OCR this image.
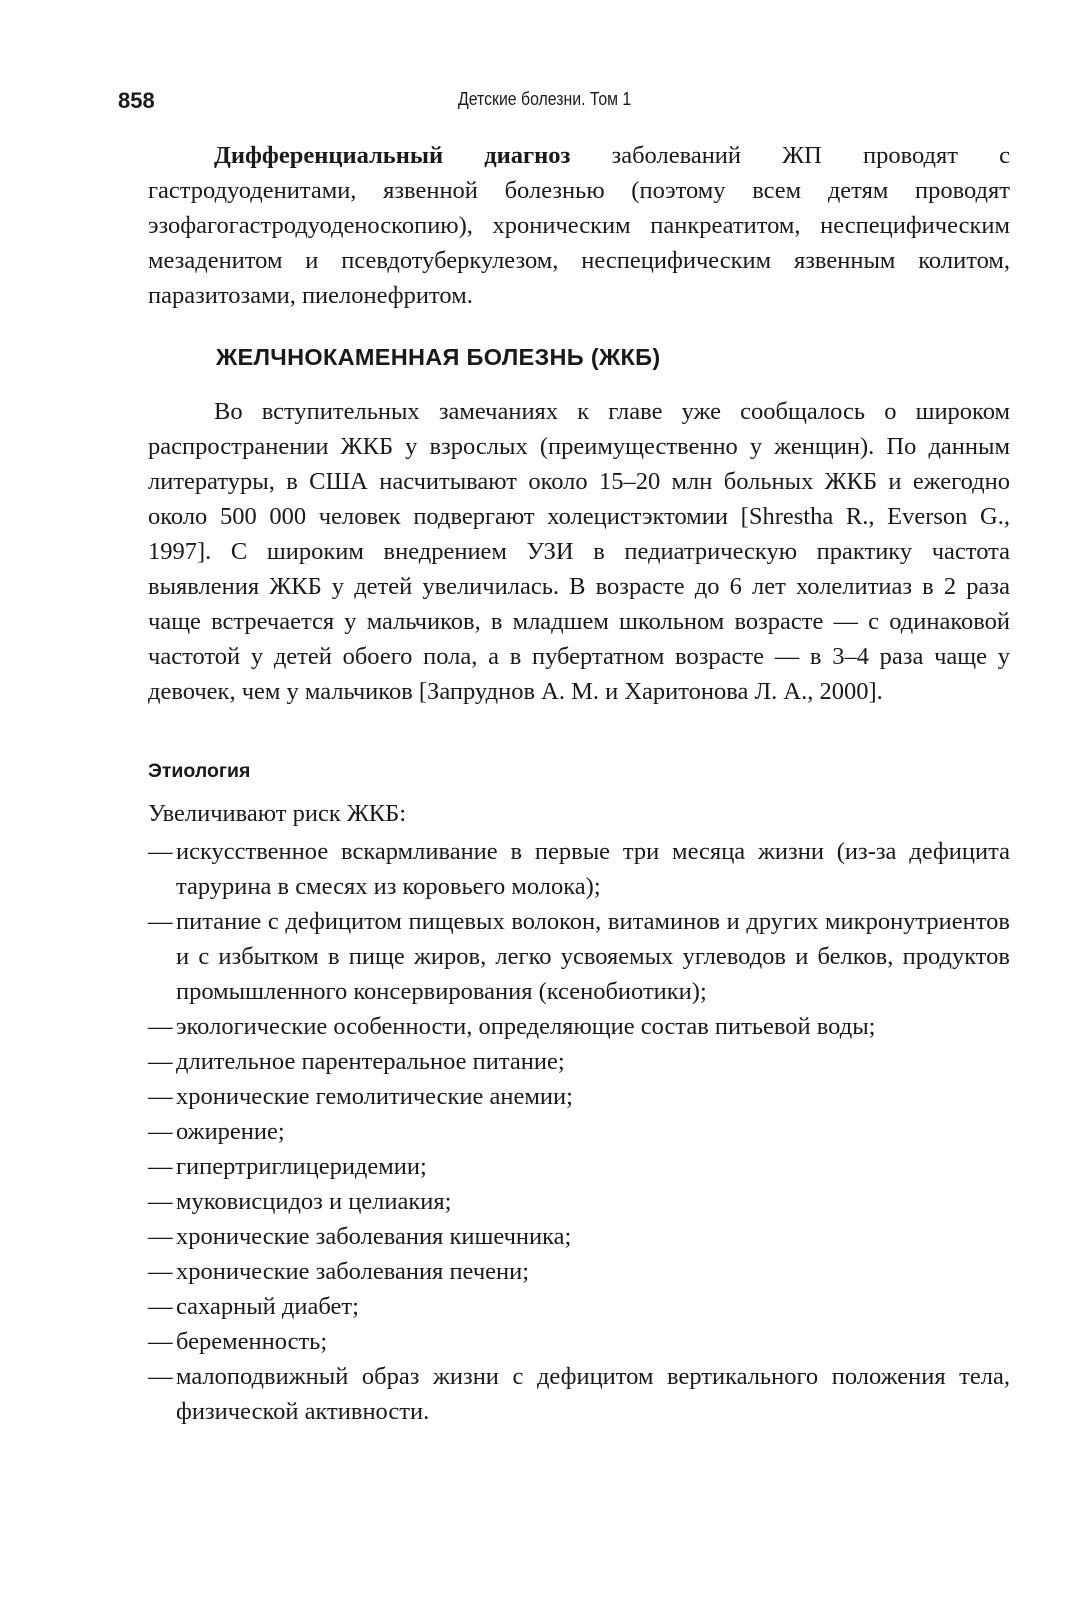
858	Детские болезни. Том 1

Дифференциальный диагноз заболеваний ЖП проводят с гастродуоденитами, язвенной болезнью (поэтому всем детям проводят эзофагогастродуоденоскопию), хроническим панкреатитом, неспецифическим мезаденитом и псевдотуберкулезом, неспецифическим язвенным колитом, паразитозами, пиелонефритом.

ЖЕЛЧНОКАМЕННАЯ БОЛЕЗНЬ (ЖКБ)

Во вступительных замечаниях к главе уже сообщалось о широком распространении ЖКБ у взрослых (преимущественно у женщин). По данным литературы, в США насчитывают около 15–20 млн больных ЖКБ и ежегодно около 500 000 человек подвергают холецистэктомии [Shrestha R., Everson G., 1997]. С широким внедрением УЗИ в педиатрическую практику частота выявления ЖКБ у детей увеличилась. В возрасте до 6 лет холелитиаз в 2 раза чаще встречается у мальчиков, в младшем школьном возрасте — с одинаковой частотой у детей обоего пола, а в пубертатном возрасте — в 3–4 раза чаще у девочек, чем у мальчиков [Запруднов А. М. и Харитонова Л. А., 2000].

Этиология

Увеличивают риск ЖКБ:

— искусственное вскармливание в первые три месяца жизни (из-за дефицита тарурина в смесях из коровьего молока);
— питание с дефицитом пищевых волокон, витаминов и других микронутриентов и с избытком в пище жиров, легко усвояемых углеводов и белков, продуктов промышленного консервирования (ксенобиотики);
— экологические особенности, определяющие состав питьевой воды;
— длительное парентеральное питание;
— хронические гемолитические анемии;
— ожирение;
— гипертриглицеридемии;
— муковисцидоз и целиакия;
— хронические заболевания кишечника;
— хронические заболевания печени;
— сахарный диабет;
— беременность;
— малоподвижный образ жизни с дефицитом вертикального положения тела, физической активности.
